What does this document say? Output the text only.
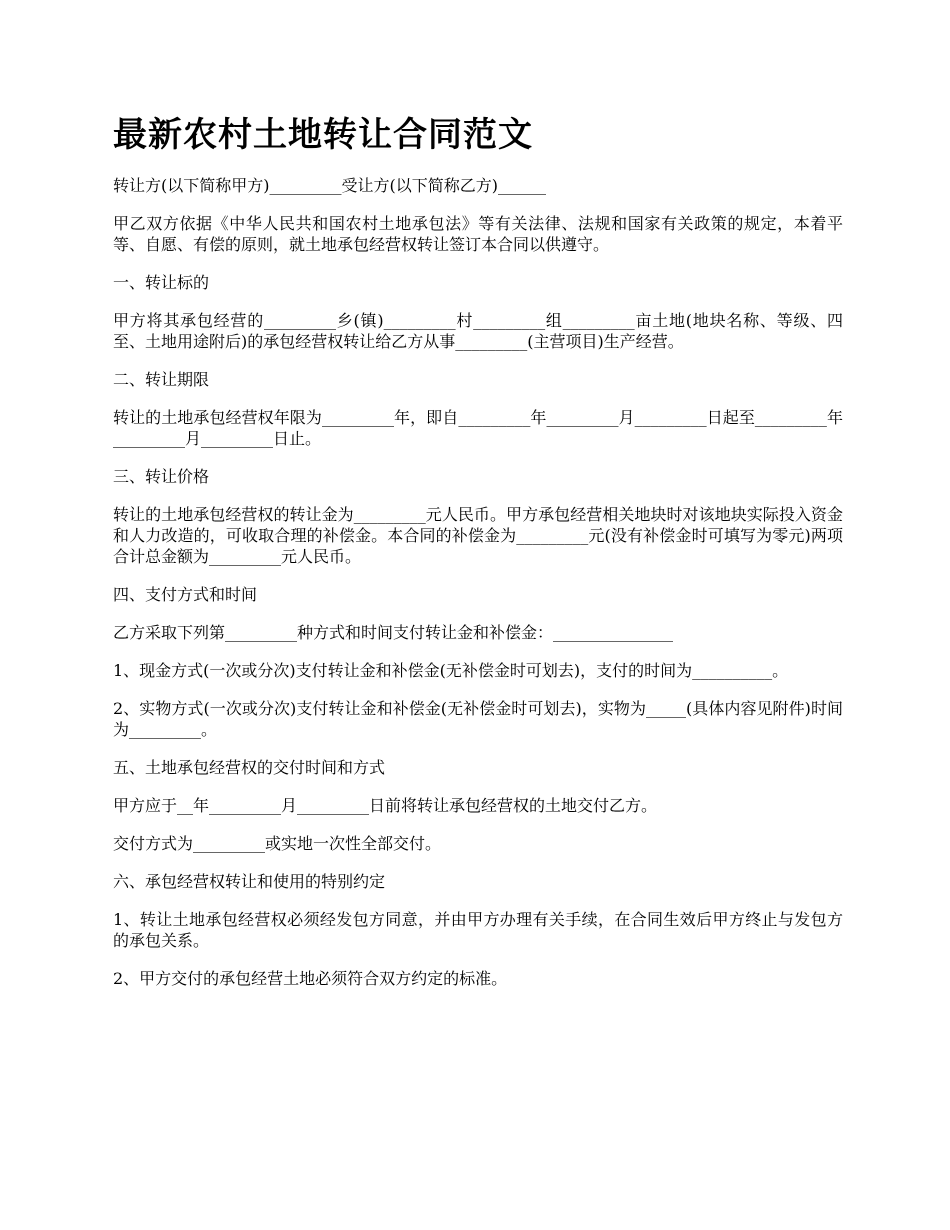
最新农村土地转让合同范文

转让方(以下简称甲方)_________受让方(以下简称乙方)______

甲乙双方依据《中华人民共和国农村土地承包法》等有关法律、法规和国家有关政策的规定，本着平等、自愿、有偿的原则，就土地承包经营权转让签订本合同以供遵守。

一、转让标的

甲方将其承包经营的_________乡(镇)_________村_________组_________亩土地(地块名称、等级、四至、土地用途附后)的承包经营权转让给乙方从事_________(主营项目)生产经营。

二、转让期限

转让的土地承包经营权年限为_________年，即自_________年_________月_________日起至_________年_________月_________日止。

三、转让价格

转让的土地承包经营权的转让金为_________元人民币。甲方承包经营相关地块时对该地块实际投入资金和人力改造的，可收取合理的补偿金。本合同的补偿金为_________元(没有补偿金时可填写为零元)两项合计总金额为_________元人民币。

四、支付方式和时间

乙方采取下列第_________种方式和时间支付转让金和补偿金：_______________

1、现金方式(一次或分次)支付转让金和补偿金(无补偿金时可划去)，支付的时间为__________。

2、实物方式(一次或分次)支付转让金和补偿金(无补偿金时可划去)，实物为_____(具体内容见附件)时间为_________。

五、土地承包经营权的交付时间和方式

甲方应于__年_________月_________日前将转让承包经营权的土地交付乙方。

交付方式为_________或实地一次性全部交付。

六、承包经营权转让和使用的特别约定

1、转让土地承包经营权必须经发包方同意，并由甲方办理有关手续，在合同生效后甲方终止与发包方的承包关系。

2、甲方交付的承包经营土地必须符合双方约定的标准。
